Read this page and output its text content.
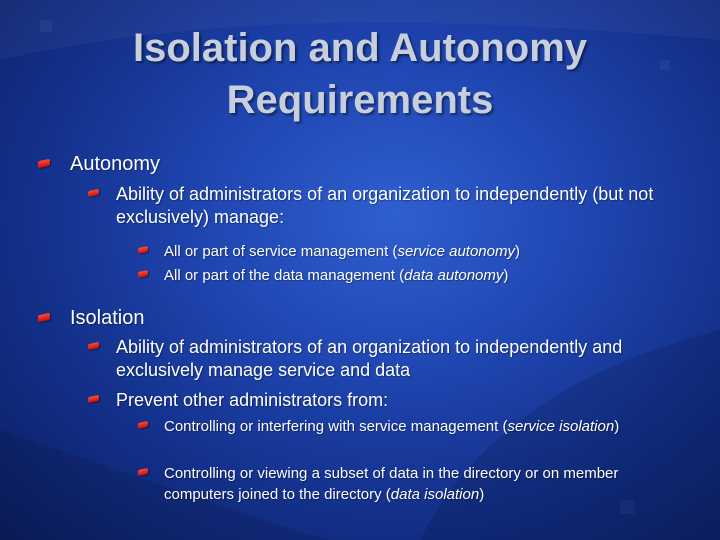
Isolation and Autonomy
Requirements
Autonomy
Ability of administrators of an organization to independently (but not exclusively) manage:
All or part of service management (service autonomy)
All or part of the data management (data autonomy)
Isolation
Ability of administrators of an organization to independently and exclusively manage service and data
Prevent other administrators from:
Controlling or interfering with service management (service isolation)
Controlling or viewing a subset of data in the directory or on member computers joined to the directory (data isolation)
